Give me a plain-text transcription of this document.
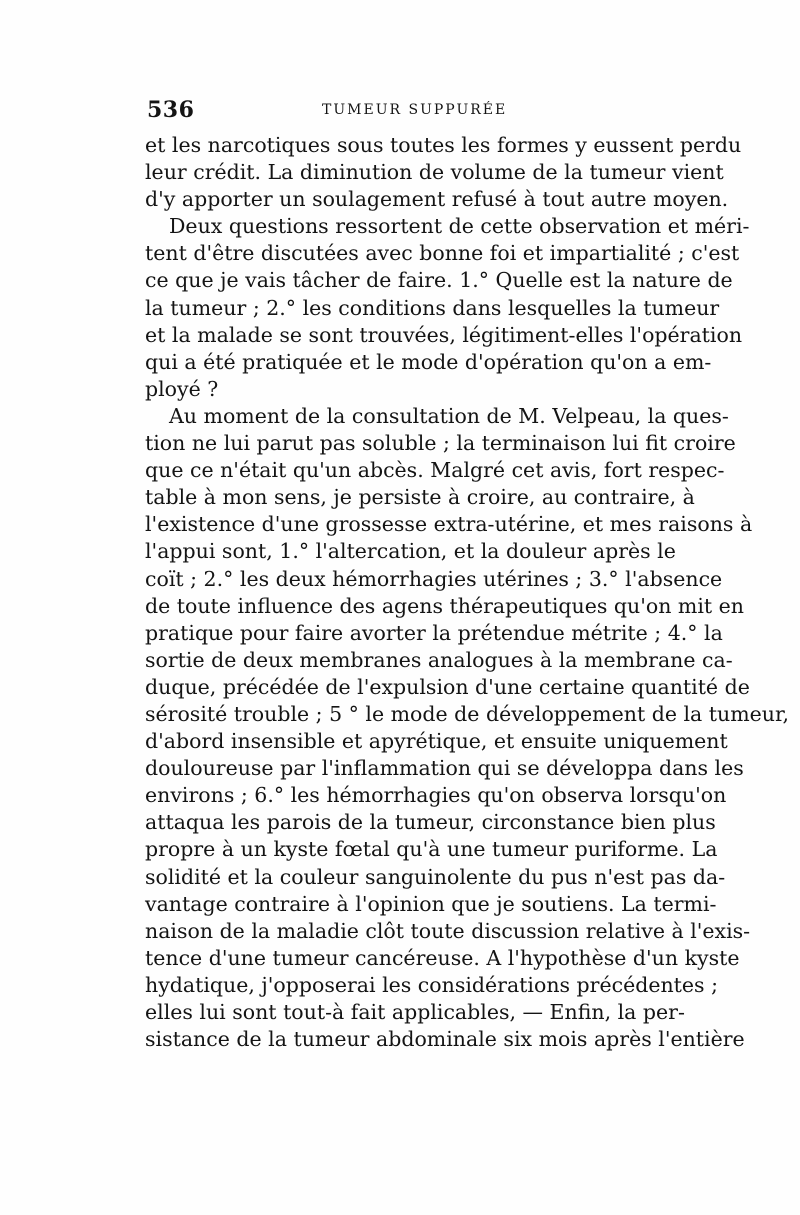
536	TUMEUR SUPPURÉE
et les narcotiques sous toutes les formes y eussent perdu
leur crédit. La diminution de volume de la tumeur vient
d'y apporter un soulagement refusé à tout autre moyen.
Deux questions ressortent de cette observation et méri-
tent d'être discutées avec bonne foi et impartialité ; c'est
ce que je vais tâcher de faire. 1.° Quelle est la nature de
la tumeur ; 2.° les conditions dans lesquelles la tumeur
et la malade se sont trouvées, légitiment-elles l'opération
qui a été pratiquée et le mode d'opération qu'on a em-
ployé ?
Au moment de la consultation de M. Velpeau, la ques-
tion ne lui parut pas soluble ; la terminaison lui fit croire
que ce n'était qu'un abcès. Malgré cet avis, fort respec-
table à mon sens, je persiste à croire, au contraire, à
l'existence d'une grossesse extra-utérine, et mes raisons à
l'appui sont, 1.° l'altercation, et la douleur après le
coït ; 2.° les deux hémorrhagies utérines ; 3.° l'absence
de toute influence des agens thérapeutiques qu'on mit en
pratique pour faire avorter la prétendue métrite ; 4.° la
sortie de deux membranes analogues à la membrane ca-
duque, précédée de l'expulsion d'une certaine quantité de
sérosité trouble ; 5 ° le mode de développement de la tumeur,
d'abord insensible et apyrétique, et ensuite uniquement
douloureuse par l'inflammation qui se développa dans les
environs ; 6.° les hémorrhagies qu'on observa lorsqu'on
attaqua les parois de la tumeur, circonstance bien plus
propre à un kyste fœtal qu'à une tumeur puriforme. La
solidité et la couleur sanguinolente du pus n'est pas da-
vantage contraire à l'opinion que je soutiens. La termi-
naison de la maladie clôt toute discussion relative à l'exis-
tence d'une tumeur cancéreuse. A l'hypothèse d'un kyste
hydatique, j'opposerai les considérations précédentes ;
elles lui sont tout-à fait applicables, — Enfin, la per-
sistance de la tumeur abdominale six mois après l'entière
